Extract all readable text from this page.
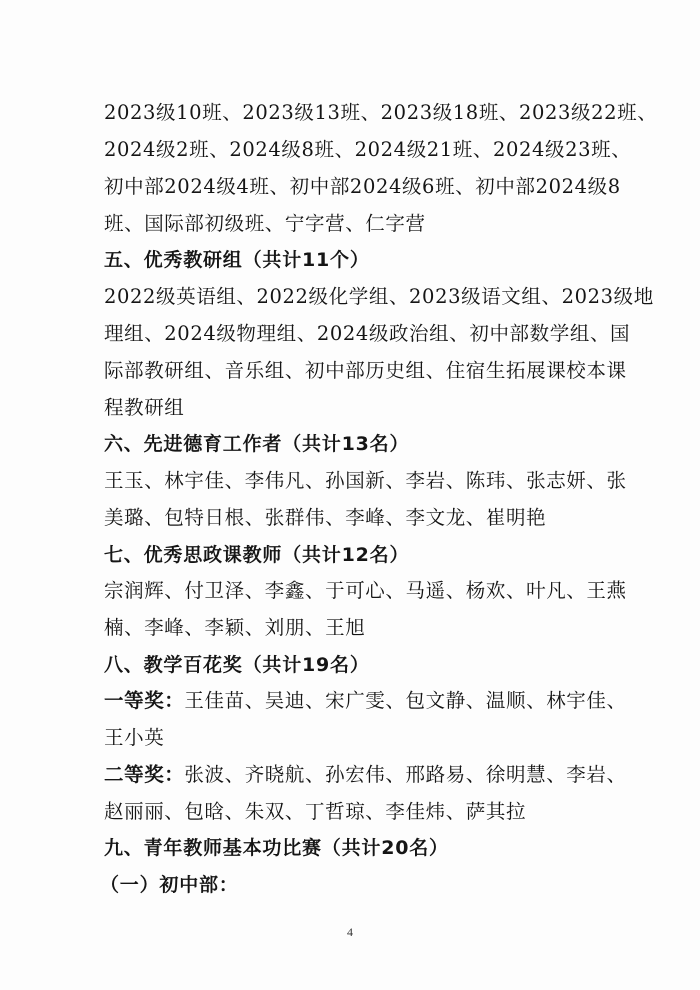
2023级10班、2023级13班、2023级18班、2023级22班、
2024级2班、2024级8班、2024级21班、2024级23班、
初中部2024级4班、初中部2024级6班、初中部2024级8
班、国际部初级班、宁字营、仁字营
五、优秀教研组（共计11个）
2022级英语组、2022级化学组、2023级语文组、2023级地
理组、2024级物理组、2024级政治组、初中部数学组、国
际部教研组、音乐组、初中部历史组、住宿生拓展课校本课
程教研组
六、先进德育工作者（共计13名）
王玉、林宇佳、李伟凡、孙国新、李岩、陈玮、张志妍、张
美璐、包特日根、张群伟、李峰、李文龙、崔明艳
七、优秀思政课教师（共计12名）
宗润辉、付卫泽、李鑫、于可心、马遥、杨欢、叶凡、王燕
楠、李峰、李颖、刘朋、王旭
八、教学百花奖（共计19名）
一等奖：王佳苗、吴迪、宋广雯、包文静、温顺、林宇佳、
王小英
二等奖：张波、齐晓航、孙宏伟、邢路易、徐明慧、李岩、
赵丽丽、包晗、朱双、丁哲琼、李佳炜、萨其拉
九、青年教师基本功比赛（共计20名）
（一）初中部：
4
